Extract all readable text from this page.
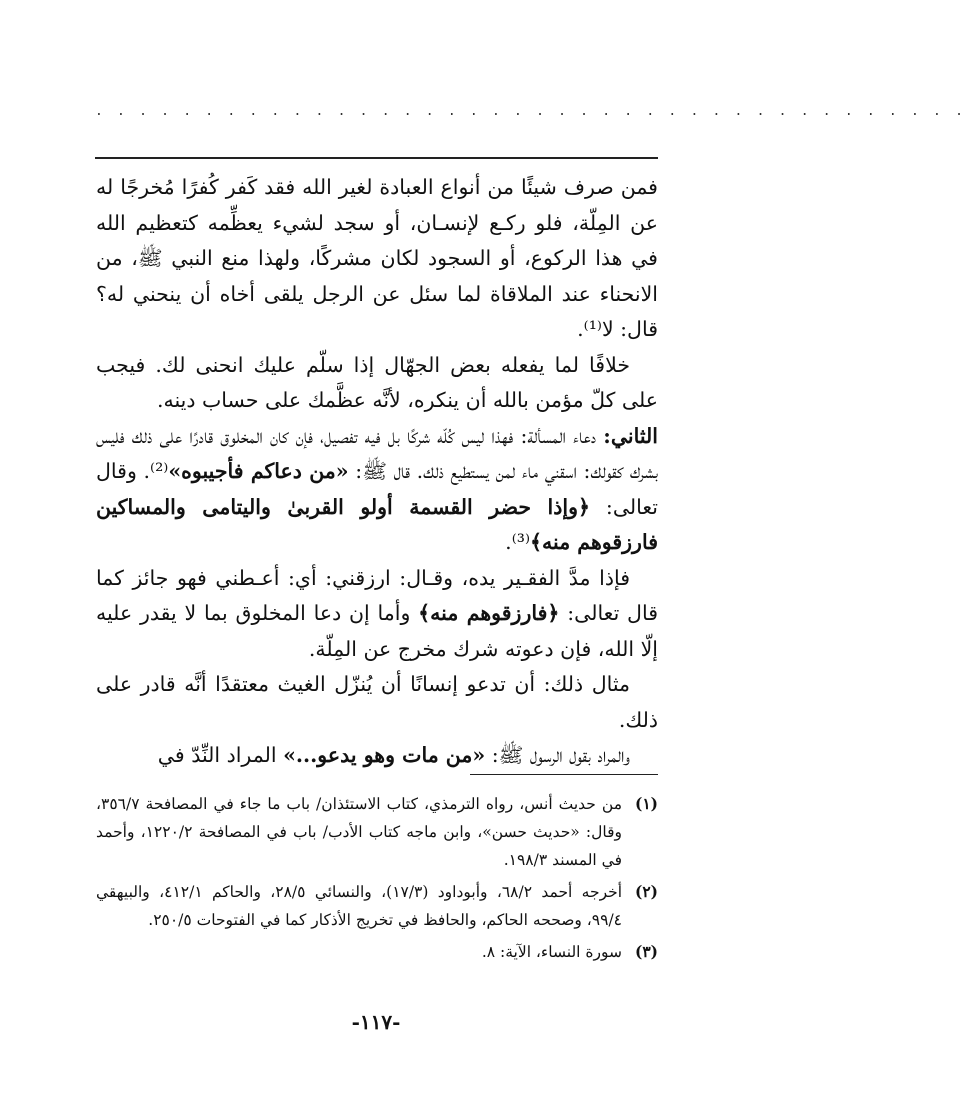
. . . . . . . . . . . . . . . . . . . . . . . . . . . . . . . . . . . . . . . .

فمن صرف شيئًا من أنواع العبادة لغير الله فقد كَفر كُفرًا مُخرجًا له عن المِلّة، فلو ركـع لإنسـان، أو سجد لشيء يعظِّمه كتعظيم الله في هذا الركوع، أو السجود لكان مشركًا، ولهذا منع النبي ﷺ، من الانحناء عند الملاقاة لما سئل عن الرجل يلقى أخاه أن ينحني له؟ قال: لا⁽¹⁾.

خلافًا لما يفعله بعض الجهّال إذا سلّم عليك انحنى لك. فيجب على كلّ مؤمن بالله أن ينكره، لأنَّه عظَّمك على حساب دينه.

الثاني: دعاء المسألة: فهذا ليس كُلّه شركًا بل فيه تفصيل، فإن كان المخلوق قادرًا على ذلك فليس بشرك كقولك: اسقني ماء لمن يستطيع ذلك. قال ﷺ: «من دعاكم فأجيبوه»⁽²⁾. وقال تعالى: ﴿وإذا حضر القسمة أولو القربىٰ واليتامى والمساكين فارزقوهم منه﴾⁽³⁾.

فإذا مدَّ الفقـير يده، وقـال: ارزقني: أي: أعـطني فهو جائز كما قال تعالى: ﴿فارزقوهم منه﴾ وأما إن دعا المخلوق بما لا يقدر عليه إلّا الله، فإن دعوته شرك مخرج عن المِلّة.

مثال ذلك: أن تدعو إنسانًا أن يُنزّل الغيث معتقدًا أنَّه قادر على ذلك.

والمراد بقول الرسول ﷺ: «من مات وهو يدعو...» المراد النِّدّ في

(١)
من حديث أنس، رواه الترمذي، كتاب الاستئذان/ باب ما جاء في المصافحة ٣٥٦/٧، وقال: «حديث حسن»، وابن ماجه كتاب الأدب/ باب في المصافحة ١٢٢٠/٢، وأحمد في المسند ١٩٨/٣.
(٢)
أخرجه أحمد ٦٨/٢، وأبوداود (١٧/٣)، والنسائي ٢٨/٥، والحاكم ٤١٢/١، والبيهقي ٩٩/٤، وصححه الحاكم، والحافظ في تخريج الأذكار كما في الفتوحات ٢٥٠/٥.
(٣)
سورة النساء، الآية: ٨.
-١١٧-
